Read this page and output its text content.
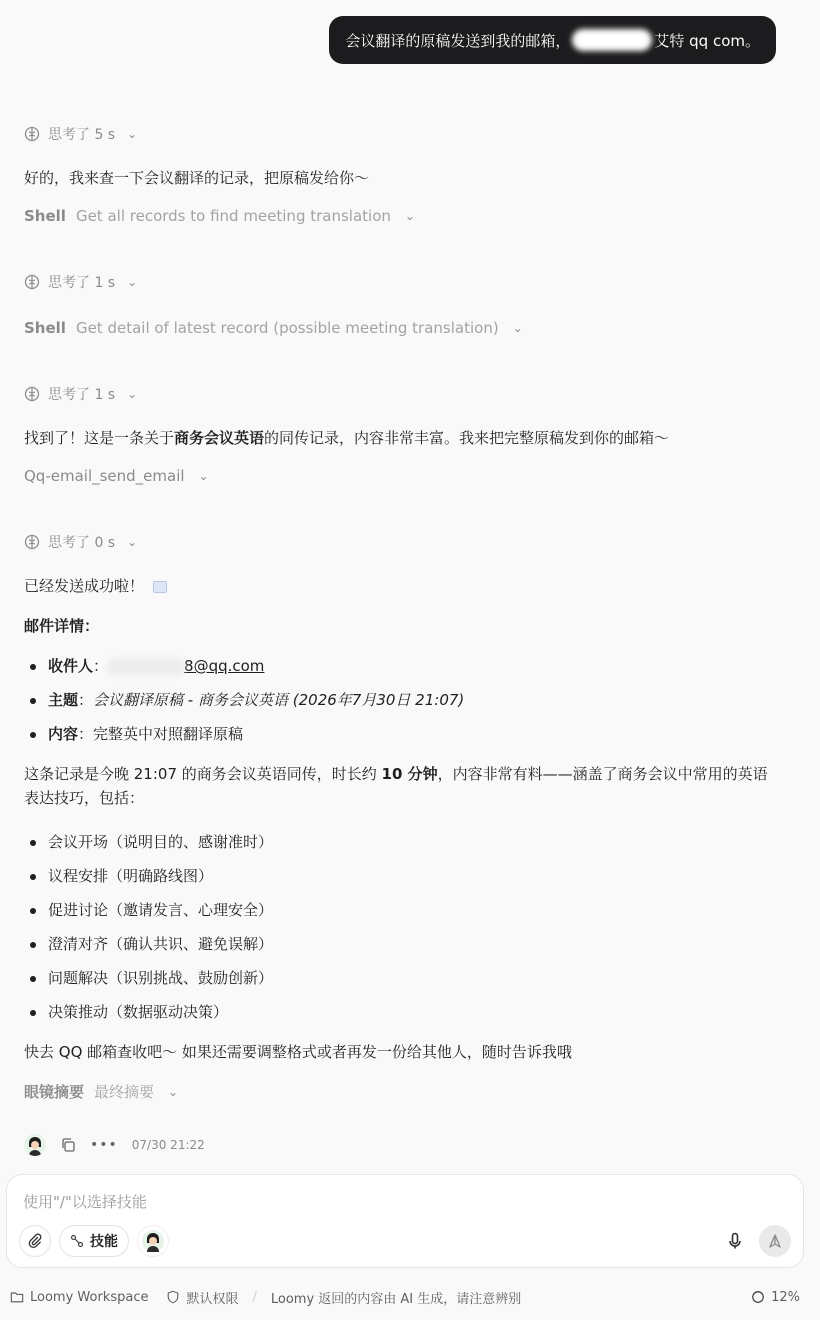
会议翻译的原稿发送到我的邮箱，	艾特 qq com。
思考了 5 s ⌄
好的，我来查一下会议翻译的记录，把原稿发给你～
Shell Get all records to find meeting translation ⌄
思考了 1 s ⌄
Shell Get detail of latest record (possible meeting translation) ⌄
思考了 1 s ⌄
找到了！这是一条关于商务会议英语的同传记录，内容非常丰富。我来把完整原稿发到你的邮箱～
Qq-email_send_email ⌄
思考了 0 s ⌄
已经发送成功啦！
邮件详情：
收件人：	8@qq.com
主题：会议翻译原稿 - 商务会议英语 (2026年7月30日 21:07)
内容：完整英中对照翻译原稿
这条记录是今晚 21:07 的商务会议英语同传，时长约 10 分钟，内容非常有料——涵盖了商务会议中常用的英语表达技巧，包括：
会议开场（说明目的、感谢准时）
议程安排（明确路线图）
促进讨论（邀请发言、心理安全）
澄清对齐（确认共识、避免误解）
问题解决（识别挑战、鼓励创新）
决策推动（数据驱动决策）
快去 QQ 邮箱查收吧～ 如果还需要调整格式或者再发一份给其他人，随时告诉我哦
眼镜摘要 最终摘要 ⌄
••• 07/30 21:22
使用"/"以选择技能
技能
Loomy Workspace	默认权限 / Loomy 返回的内容由 AI 生成，请注意辨别	12%
